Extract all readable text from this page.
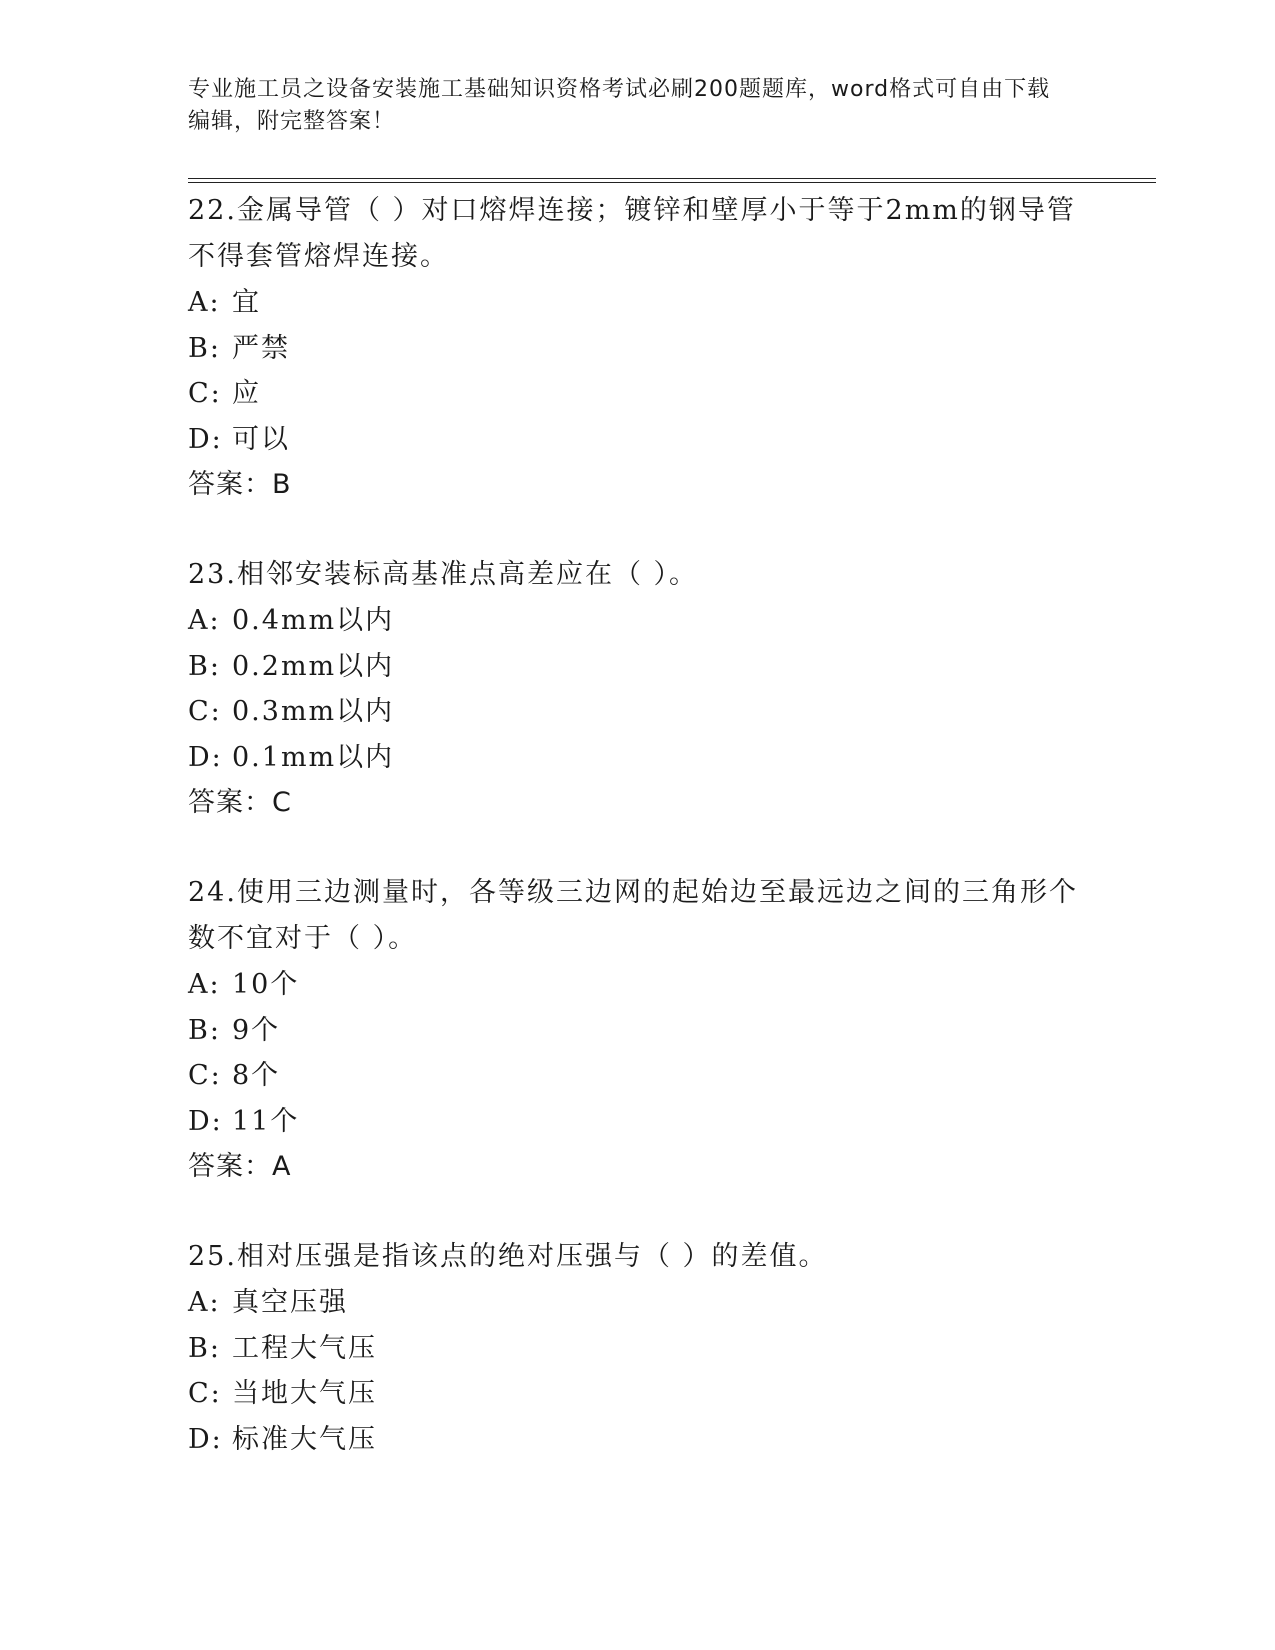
专业施工员之设备安装施工基础知识资格考试必刷200题题库，word格式可自由下载编辑，附完整答案！

22.金属导管（ ）对口熔焊连接；镀锌和壁厚小于等于2mm的钢导管不得套管熔焊连接。

A: 宜

B: 严禁

C: 应

D: 可以

答案：B

23.相邻安装标高基准点高差应在（ ）。

A: 0.4mm以内

B: 0.2mm以内

C: 0.3mm以内

D: 0.1mm以内

答案：C

24.使用三边测量时，各等级三边网的起始边至最远边之间的三角形个数不宜对于（ ）。

A: 10个

B: 9个

C: 8个

D: 11个

答案：A

25.相对压强是指该点的绝对压强与（ ）的差值。

A: 真空压强

B: 工程大气压

C: 当地大气压

D: 标准大气压
